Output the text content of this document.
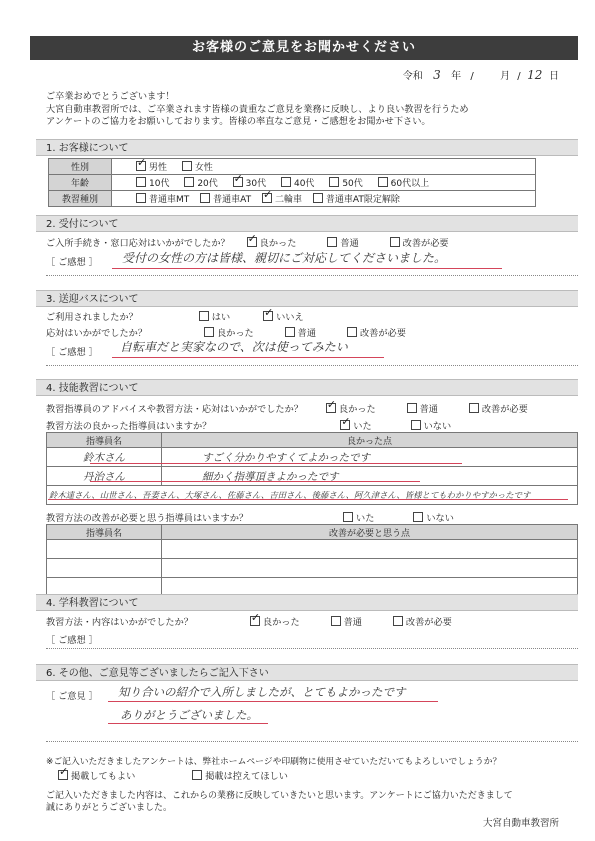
お客様のご意見をお聞かせください
令和 3 年 /	月 / 12 日
ご卒業おめでとうございます！
大宮自動車教習所では、ご卒業されます皆様の貴重なご意見を業務に反映し、より良い教習を行うため
アンケートのご協力をお願いしております。皆様の率直なご意見・ご感想をお聞かせ下さい。
1. お客様について
性別	✓男性 女性
年齢	10代 20代 ✓ 30代 40代 50代 60代以上
教習種別	普通車MT 普通車AT ✓ 二輪車 普通車AT限定解除
2. 受付について
ご入所手続き・窓口応対はいかがでしたか？ ✓	良かった	普通	改善が必要
［ ご感想 ］ 受付の女性の方は皆様、親切にご対応してくださいました。
3. 送迎バスについて
ご利用されましたか？	はい ✓	いいえ
応対はいかがでしたか？	良かった	普通	改善が必要
［ ご感想 ］ 自転車だと実家なので、次は使ってみたい
4. 技能教習について
教習指導員のアドバイスや教習方法・応対はいかがでしたか？ ✓	良かった	普通	改善が必要
教習方法の良かった指導員はいますか？ ✓	いた	いない
指導員名	良かった点
鈴木さん	すごく分かりやすくてよかったです
丹治さん	細かく指導頂きよかったです
鈴木達さん、山世さん、吾妻さん、大塚さん、佐藤さん、吉田さん、後藤さん、阿久津さん、皆様とてもわかりやすかったです	
教習方法の改善が必要と思う指導員はいますか？	いた	いない
指導員名	改善が必要と思う点

4. 学科教習について
教習方法・内容はいかがでしたか？ ✓	良かった	普通	改善が必要
［ ご感想 ］
6. その他、ご意見等ございましたらご記入下さい
［ ご意見 ］ 知り合いの紹介で入所しましたが、とてもよかったです
ありがとうございました。
※ご記入いただきましたアンケートは、弊社ホームページや印刷物に使用させていただいてもよろしいでしょうか？
✓掲載してもよい	掲載は控えてほしい
ご記入いただきました内容は、これからの業務に反映していきたいと思います。アンケートにご協力いただきまして
誠にありがとうございました。
大宮自動車教習所
